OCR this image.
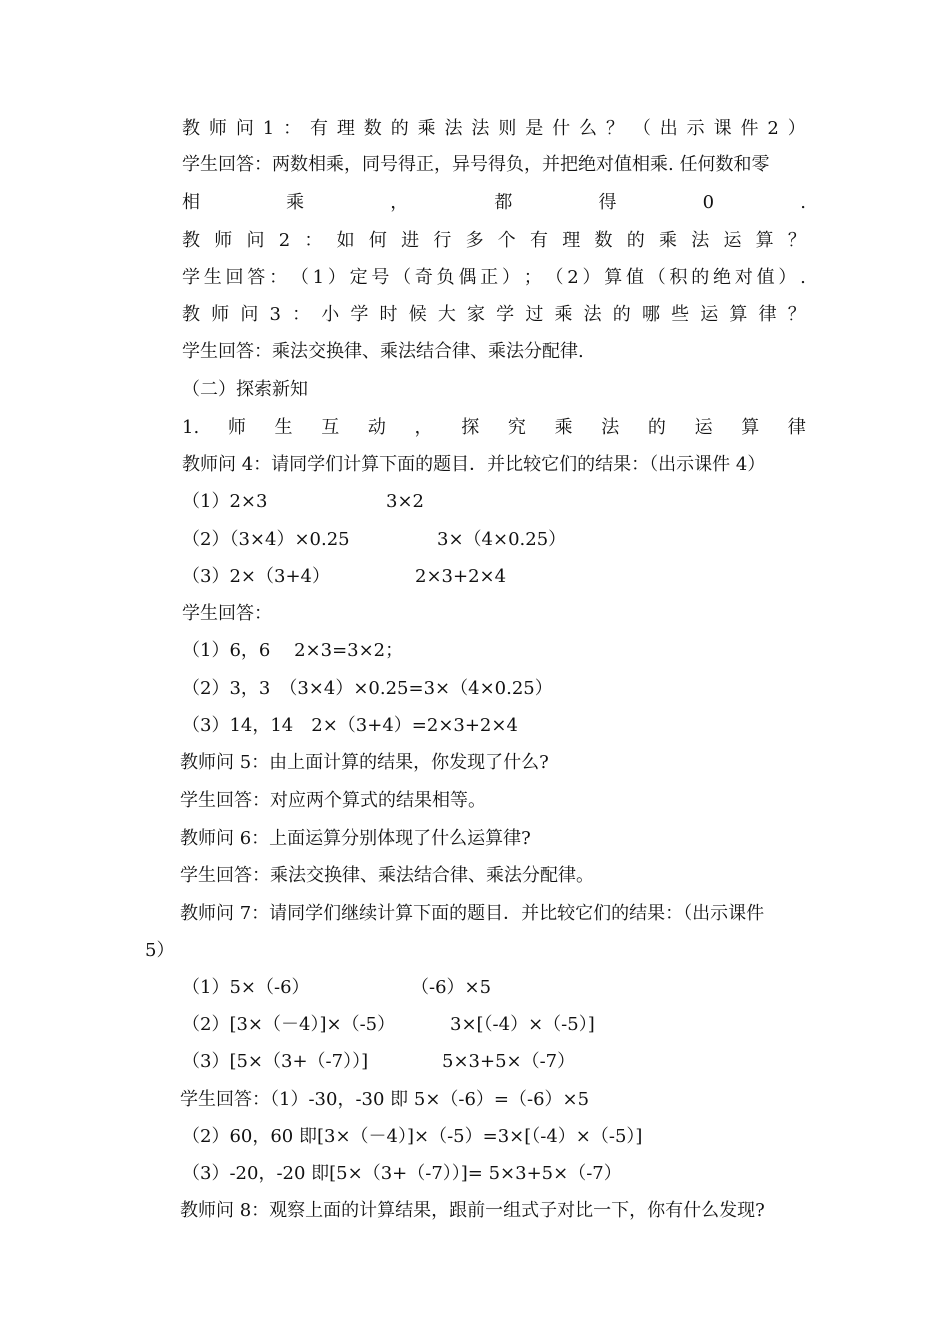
教 师 问 1 ： 有 理 数 的 乘 法 法 则 是 什 么 ？ （ 出 示 课 件 2 ）
学生回答：两数相乘，同号得正，异号得负，并把绝对值相乘. 任何数和零
相	乘	，	都	得	0	.
教 师 问 2 ： 如 何 进 行 多 个 有 理 数 的 乘 法 运 算 ？
学 生 回 答 ： （ 1 ） 定 号 （ 奇 负 偶 正 ） ； （ 2 ） 算 值 （ 积 的 绝 对 值 ） .
教 师 问 3 ： 小 学 时 候 大 家 学 过 乘 法 的 哪 些 运 算 律 ？
学生回答：乘法交换律、乘法结合律、乘法分配律.
（二）探索新知
1. 师 生 互 动 ， 探 究 乘 法 的 运 算 律
教师问 4：请同学们计算下面的题目．并比较它们的结果：（出示课件 4）
（1）2×3	3×2
（2）（3×4）×0.25	3×（4×0.25）
（3）2×（3+4）	2×3+2×4
学生回答：
（1）6，6　 2×3=3×2；
（2）3，3　（3×4）×0.25=3×（4×0.25）
（3）14，14　2×（3+4）=2×3+2×4
教师问 5：由上面计算的结果，你发现了什么?
学生回答：对应两个算式的结果相等。
教师问 6：上面运算分别体现了什么运算律?
学生回答：乘法交换律、乘法结合律、乘法分配律。
教师问 7：请同学们继续计算下面的题目．并比较它们的结果：（出示课件
5）
（1）5×（-6）	（-6）×5
（2）[3×（－4）]×（-5）	3×[（-4）×（-5）]
（3）[5×（3+（-7））]	5×3+5×（-7）
学生回答：（1）-30，-30 即 5×（-6）=（-6）×5
（2）60，60 即[3×（－4）]×（-5）=3×[（-4）×（-5）]
（3）-20，-20 即[5×（3+（-7））]= 5×3+5×（-7）
教师问 8：观察上面的计算结果，跟前一组式子对比一下，你有什么发现?
